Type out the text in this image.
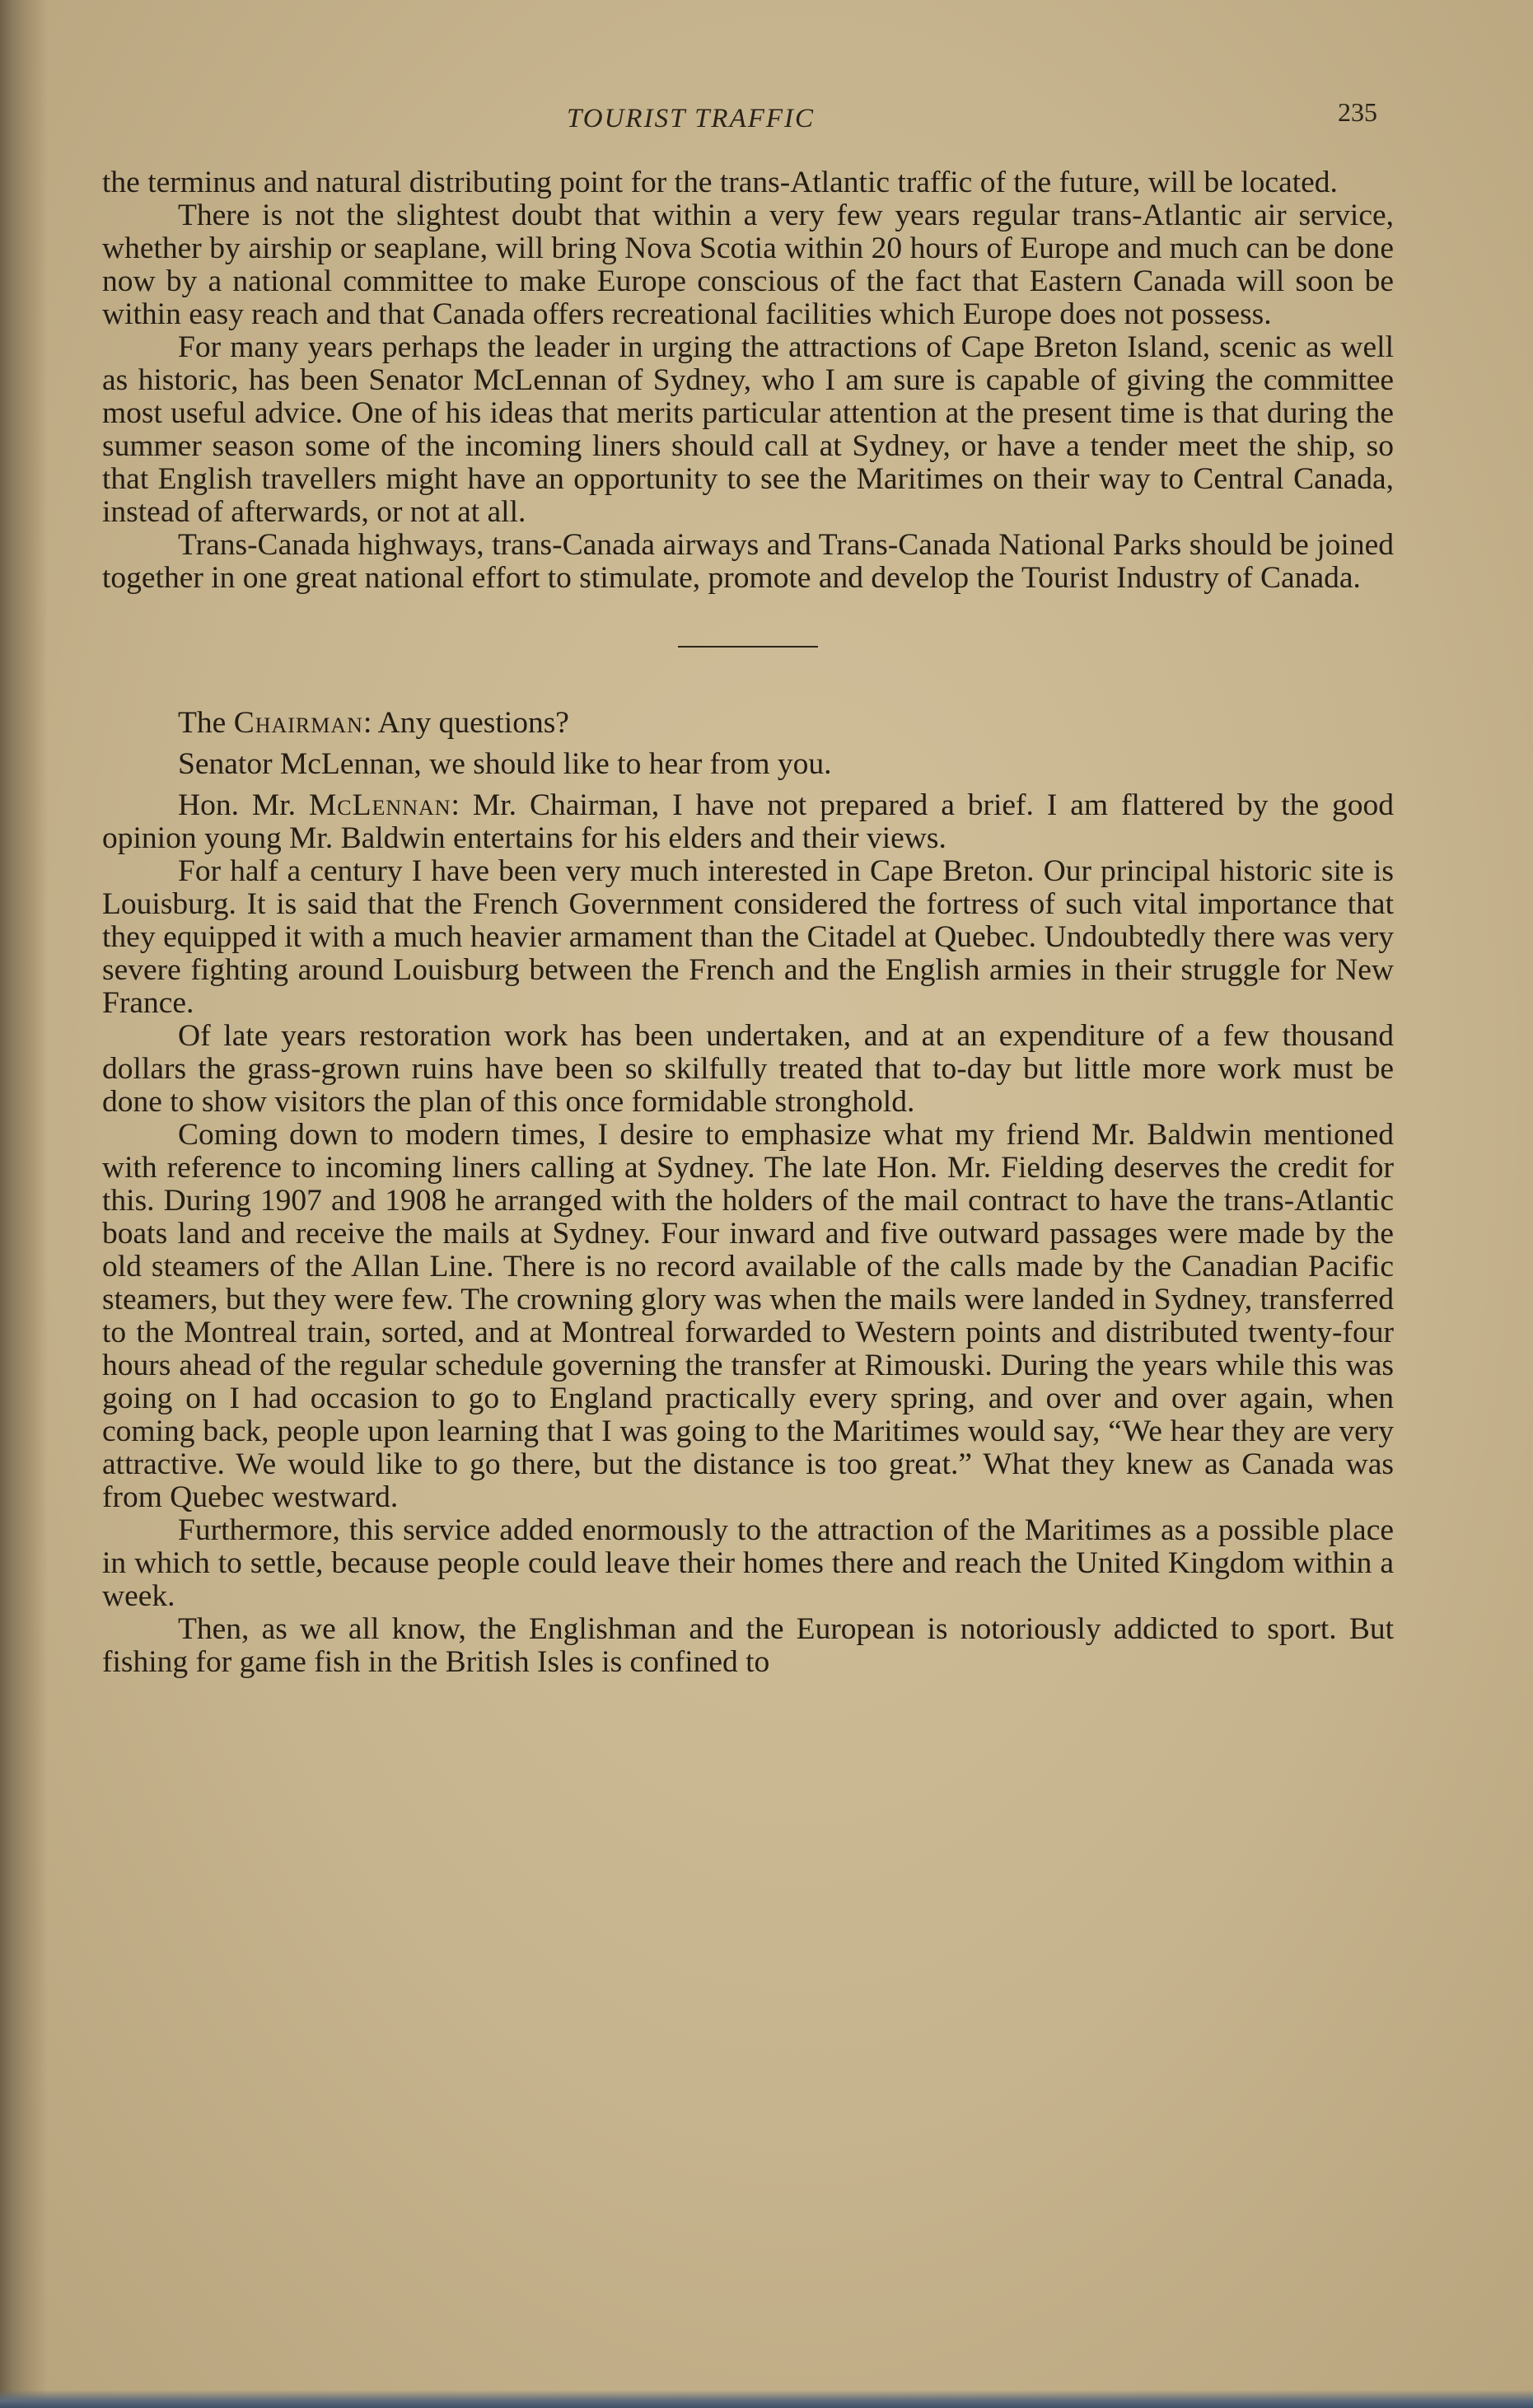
TOURIST TRAFFIC	235

the terminus and natural distributing point for the trans-Atlantic traffic of the future, will be located.

There is not the slightest doubt that within a very few years regular trans-Atlantic air service, whether by airship or seaplane, will bring Nova Scotia within 20 hours of Europe and much can be done now by a national committee to make Europe conscious of the fact that Eastern Canada will soon be within easy reach and that Canada offers recreational facilities which Europe does not possess.

For many years perhaps the leader in urging the attractions of Cape Breton Island, scenic as well as historic, has been Senator McLennan of Sydney, who I am sure is capable of giving the committee most useful advice. One of his ideas that merits particular attention at the present time is that during the summer season some of the incoming liners should call at Sydney, or have a tender meet the ship, so that English travellers might have an opportunity to see the Maritimes on their way to Central Canada, instead of afterwards, or not at all.

Trans-Canada highways, trans-Canada airways and Trans-Canada National Parks should be joined together in one great national effort to stimulate, promote and develop the Tourist Industry of Canada.

The Chairman: Any questions?

Senator McLennan, we should like to hear from you.

Hon. Mr. McLennan: Mr. Chairman, I have not prepared a brief. I am flattered by the good opinion young Mr. Baldwin entertains for his elders and their views.

For half a century I have been very much interested in Cape Breton. Our principal historic site is Louisburg. It is said that the French Government considered the fortress of such vital importance that they equipped it with a much heavier armament than the Citadel at Quebec. Undoubtedly there was very severe fighting around Louisburg between the French and the English armies in their struggle for New France.

Of late years restoration work has been undertaken, and at an expenditure of a few thousand dollars the grass-grown ruins have been so skilfully treated that to-day but little more work must be done to show visitors the plan of this once formidable stronghold.

Coming down to modern times, I desire to emphasize what my friend Mr. Baldwin mentioned with reference to incoming liners calling at Sydney. The late Hon. Mr. Fielding deserves the credit for this. During 1907 and 1908 he arranged with the holders of the mail contract to have the trans-Atlantic boats land and receive the mails at Sydney. Four inward and five outward passages were made by the old steamers of the Allan Line. There is no record available of the calls made by the Canadian Pacific steamers, but they were few. The crowning glory was when the mails were landed in Sydney, transferred to the Montreal train, sorted, and at Montreal forwarded to Western points and distributed twenty-four hours ahead of the regular schedule governing the transfer at Rimouski. During the years while this was going on I had occasion to go to England practically every spring, and over and over again, when coming back, people upon learning that I was going to the Maritimes would say, “We hear they are very attractive. We would like to go there, but the distance is too great.” What they knew as Canada was from Quebec westward.

Furthermore, this service added enormously to the attraction of the Maritimes as a possible place in which to settle, because people could leave their homes there and reach the United Kingdom within a week.

Then, as we all know, the Englishman and the European is notoriously addicted to sport. But fishing for game fish in the British Isles is confined to
